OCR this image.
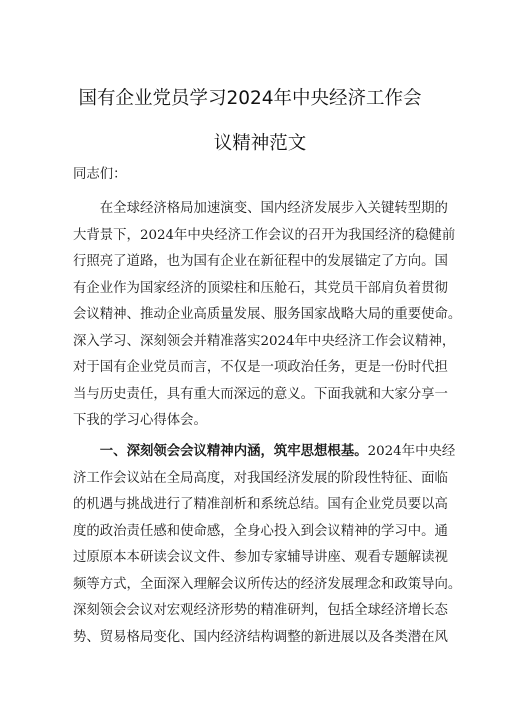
国有企业党员学习2024年中央经济工作会
议精神范文
同志们：
在全球经济格局加速演变、国内经济发展步入关键转型期的
大背景下，2024年中央经济工作会议的召开为我国经济的稳健前
行照亮了道路，也为国有企业在新征程中的发展锚定了方向。国
有企业作为国家经济的顶梁柱和压舱石，其党员干部肩负着贯彻
会议精神、推动企业高质量发展、服务国家战略大局的重要使命。
深入学习、深刻领会并精准落实2024年中央经济工作会议精神，
对于国有企业党员而言，不仅是一项政治任务，更是一份时代担
当与历史责任，具有重大而深远的意义。下面我就和大家分享一
下我的学习心得体会。
一、深刻领会会议精神内涵，筑牢思想根基。2024年中央经
济工作会议站在全局高度，对我国经济发展的阶段性特征、面临
的机遇与挑战进行了精准剖析和系统总结。国有企业党员要以高
度的政治责任感和使命感，全身心投入到会议精神的学习中。通
过原原本本研读会议文件、参加专家辅导讲座、观看专题解读视
频等方式，全面深入理解会议所传达的经济发展理念和政策导向。
深刻领会会议对宏观经济形势的精准研判，包括全球经济增长态
势、贸易格局变化、国内经济结构调整的新进展以及各类潜在风
